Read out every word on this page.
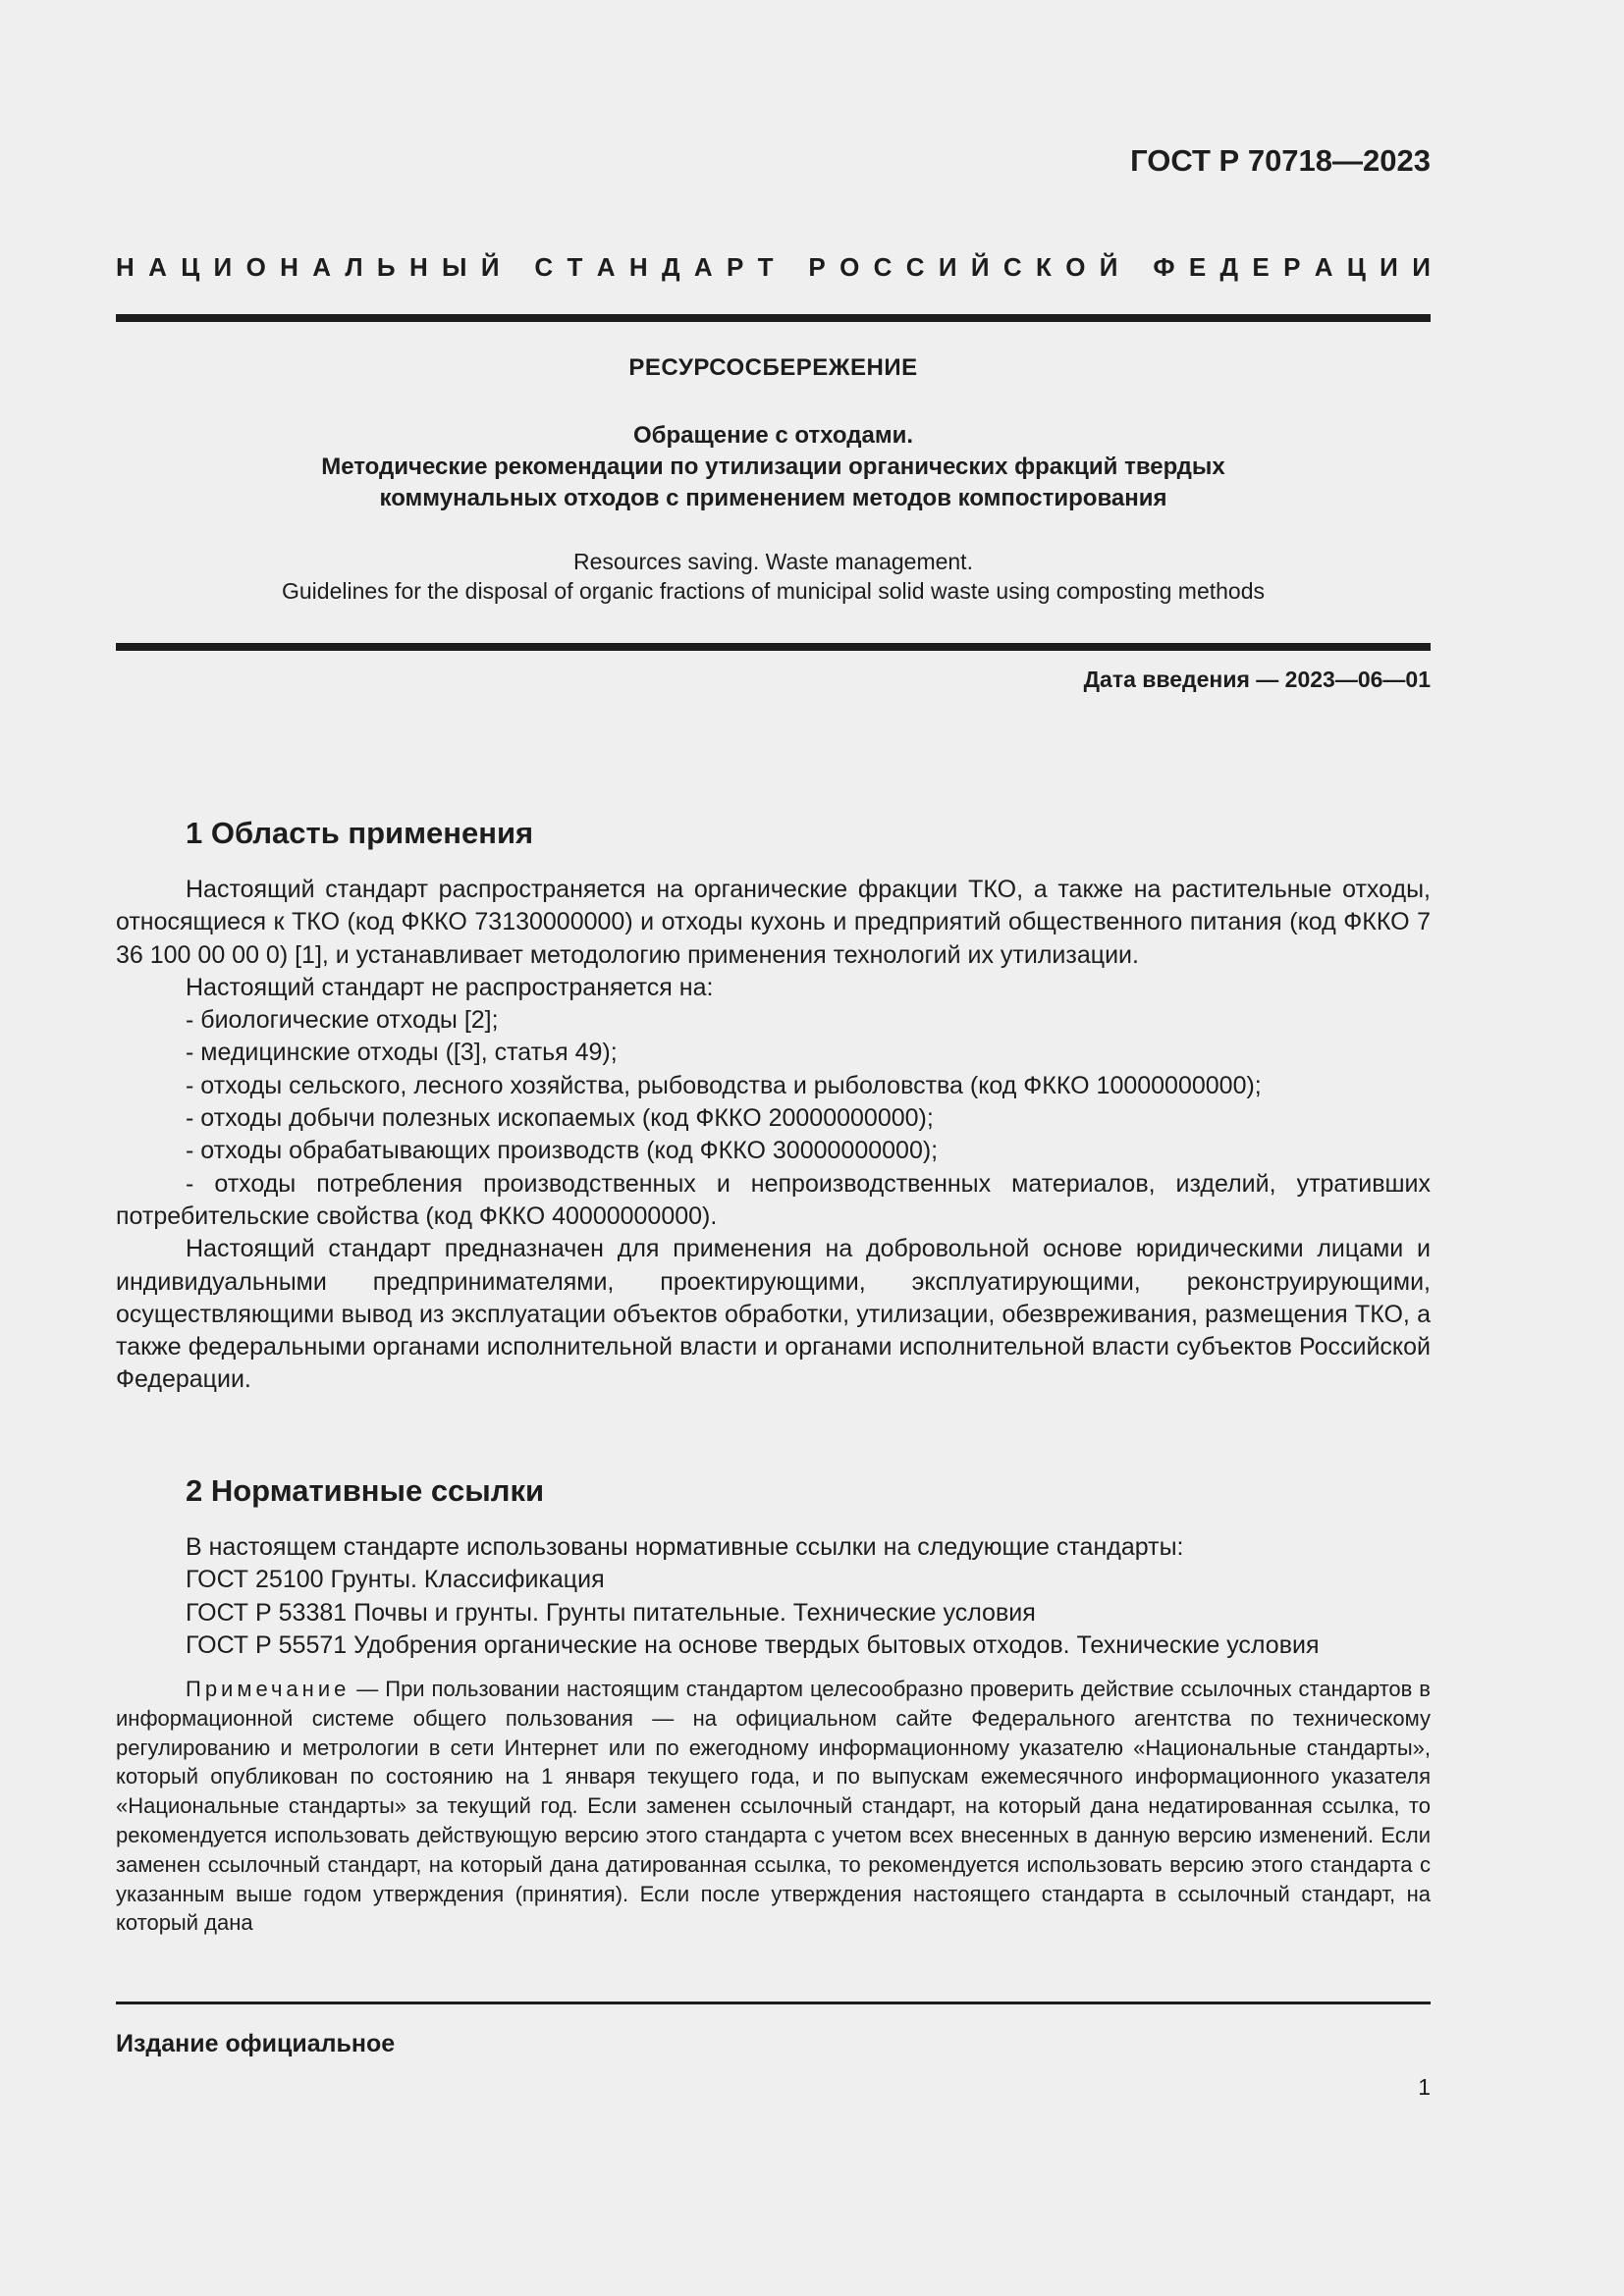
ГОСТ Р 70718—2023
Н А Ц И О Н А Л Ь Н Ы Й
С Т А Н Д А Р Т
Р О С С И Й С К О Й
Ф Е Д Е Р А Ц И И
РЕСУРСОСБЕРЕЖЕНИЕ
Обращение с отходами.
Методические рекомендации по утилизации органических фракций твердых
коммунальных отходов с применением методов компостирования
Resources saving. Waste management.
Guidelines for the disposal of organic fractions of municipal solid waste using composting methods
Дата введения — 2023—06—01
1 Область применения

Настоящий стандарт распространяется на органические фракции ТКО, а также на растительные отходы, относящиеся к ТКО (код ФККО 73130000000) и отходы кухонь и предприятий общественного питания (код ФККО 7 36 100 00 00 0) [1], и устанавливает методологию применения технологий их утилизации.

Настоящий стандарт не распространяется на:

- биологические отходы [2];

- медицинские отходы ([3], статья 49);

- отходы сельского, лесного хозяйства, рыбоводства и рыболовства (код ФККО 10000000000);

- отходы добычи полезных ископаемых (код ФККО 20000000000);

- отходы обрабатывающих производств (код ФККО 30000000000);

- отходы потребления производственных и непроизводственных материалов, изделий, утративших потребительские свойства (код ФККО 40000000000).

Настоящий стандарт предназначен для применения на добровольной основе юридическими лицами и индивидуальными предпринимателями, проектирующими, эксплуатирующими, реконструирующими, осуществляющими вывод из эксплуатации объектов обработки, утилизации, обезвреживания, размещения ТКО, а также федеральными органами исполнительной власти и органами исполнительной власти субъектов Российской Федерации.

2 Нормативные ссылки

В настоящем стандарте использованы нормативные ссылки на следующие стандарты:

ГОСТ 25100 Грунты. Классификация

ГОСТ Р 53381 Почвы и грунты. Грунты питательные. Технические условия

ГОСТ Р 55571 Удобрения органические на основе твердых бытовых отходов. Технические условия

Примечание — При пользовании настоящим стандартом целесообразно проверить действие ссылочных стандартов в информационной системе общего пользования — на официальном сайте Федерального агентства по техническому регулированию и метрологии в сети Интернет или по ежегодному информационному указателю «Национальные стандарты», который опубликован по состоянию на 1 января текущего года, и по выпускам ежемесячного информационного указателя «Национальные стандарты» за текущий год. Если заменен ссылочный стандарт, на который дана недатированная ссылка, то рекомендуется использовать действующую версию этого стандарта с учетом всех внесенных в данную версию изменений. Если заменен ссылочный стандарт, на который дана датированная ссылка, то рекомендуется использовать версию этого стандарта с указанным выше годом утверждения (принятия). Если после утверждения настоящего стандарта в ссылочный стандарт, на который дана

Издание официальное
1
